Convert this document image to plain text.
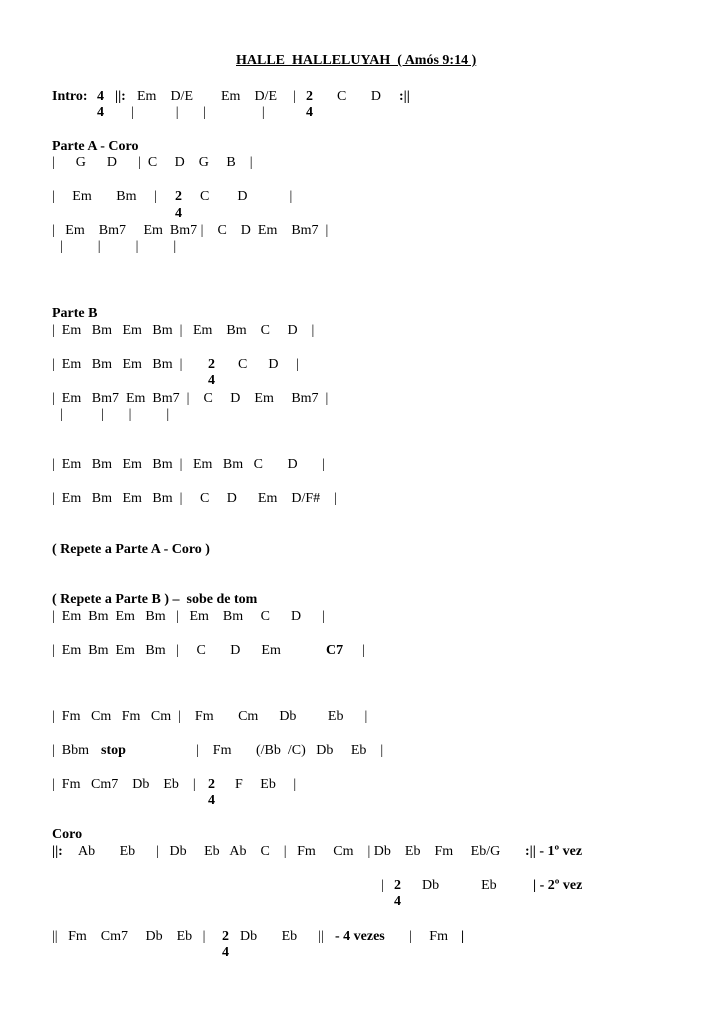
HALLE  HALLELUYAH  ( Amós 9:14 )
Intro: 4
4
||: Em    D/E Em    D/E | 2
4
C       D :||
|            |       |                |
Parte A - Coro
|      G      D      |  C     D    G     B    |
|     Em       Bm     | 2
4
C        D            |
|   Em    Bm7     Em  Bm7 |    C    D  Em    Bm7  |
|          |          |          |
Parte B
|  Em   Bm   Em   Bm  |   Em    Bm    C     D    |
|  Em   Bm   Em   Bm  | 2
4
C      D     |
|  Em   Bm7  Em  Bm7  |    C     D    Em     Bm7  |
|           |       |          |
|  Em   Bm   Em   Bm  |   Em   Bm   C       D       |
|  Em   Bm   Em   Bm  |     C     D      Em    D/F#    |
( Repete a Parte A - Coro )
( Repete a Parte B ) –  sobe de tom
|  Em  Bm  Em   Bm   |   Em    Bm     C      D      |
|  Em  Bm  Em   Bm   |     C       D      Em	C7 |
|  Fm   Cm   Fm   Cm  |    Fm       Cm      Db         Eb      |
|  Bbm stop	|    Fm       (/Bb  /C)   Db     Eb    |
|  Fm   Cm7    Db    Eb    | 2
4
F     Eb     |
Coro
||: Ab       Eb      |   Db     Eb   Ab    C    |   Fm     Cm    | Db    Eb    Fm     Eb/G :|| - 1º vez
| 2
4
Db            Eb	| - 2º vez
||   Fm    Cm7     Db    Eb   | 2
4
Db       Eb      || - 4 vezes |     Fm |
